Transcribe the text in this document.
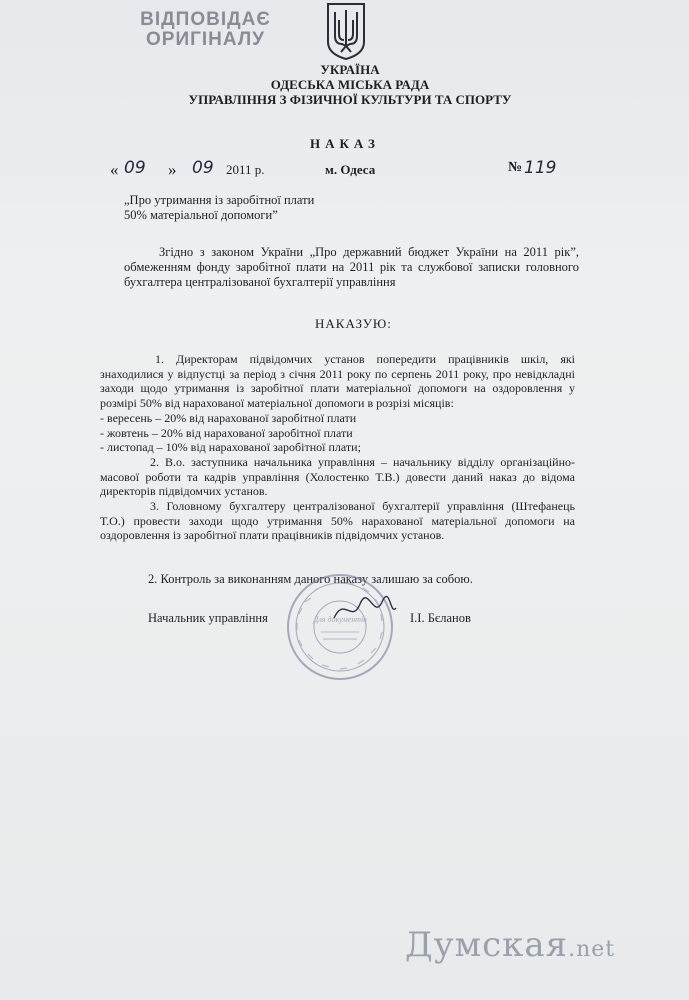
ВІДПОВІДАЄ
ОРИГІНАЛУ
УКРАЇНА
ОДЕСЬКА МІСЬКА РАДА
УПРАВЛІННЯ З ФІЗИЧНОЇ КУЛЬТУРИ ТА СПОРТУ
НАКАЗ
« 09 » 09 2011 р.	м. Одеса	№ 119
„Про утримання із заробітної плати
50% матеріальної допомоги”
Згідно з законом України „Про державний бюджет України на 2011 рік”, обмеженням фонду заробітної плати на 2011 рік та службової записки головного бухгалтера централізованої бухгалтерії управління
НАКАЗУЮ:

1. Директорам підвідомчих установ попередити працівників шкіл, які знаходилися у відпустці за період з січня 2011 року по серпень 2011 року, про невідкладні заходи щодо утримання із заробітної плати матеріальної допомоги на оздоровлення у розмірі 50% від нарахованої матеріальної допомоги в розрізі місяців:

- вересень – 20% від нарахованої заробітної плати

- жовтень – 20% від нарахованої заробітної плати

- листопад – 10% від нарахованої заробітної плати;

2. В.о. заступника начальника управління – начальнику відділу організаційно-масової роботи та кадрів управління (Холостенко Т.В.) довести даний наказ до відома директорів підвідомчих установ.

3. Головному бухгалтеру централізованої бухгалтерії управління (Штефанець Т.О.) провести заходи щодо утримання 50% нарахованої матеріальної допомоги на оздоровлення із заробітної плати працівників підвідомчих установ.

2. Контроль за виконанням даного наказу залишаю за собою.
Для документів
Начальник управління	І.І. Бєланов
Думская.net
